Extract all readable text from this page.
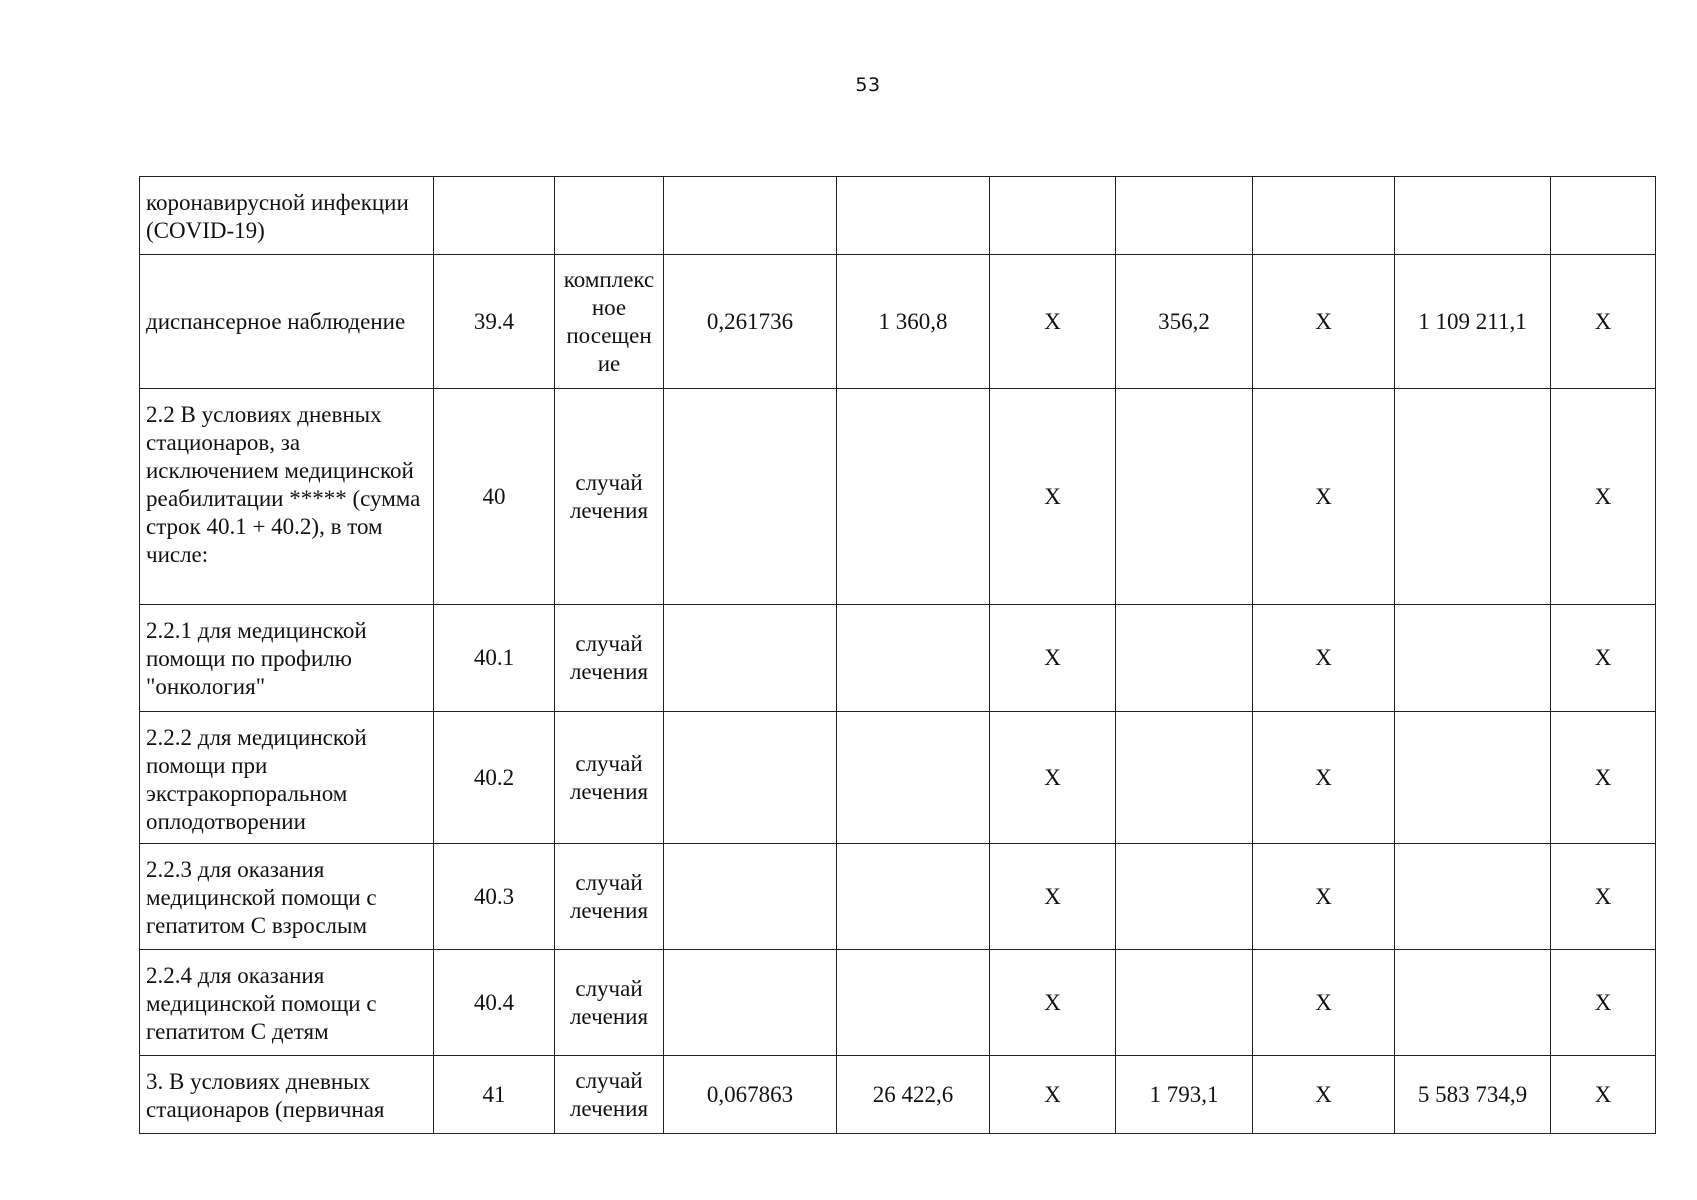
53
коронавирусной инфекции (COVID-19)									
диспансерное наблюдение	39.4	комплекс ное посещен ие	0,261736	1 360,8	X	356,2	X	1 109 211,1	X
2.2 В условиях дневных стационаров, за исключением медицинской реабилитации ***** (сумма строк 40.1 + 40.2), в том числе:	40	случай лечения			X		X		X
2.2.1 для медицинской помощи по профилю "онкология"	40.1	случай лечения			X		X		X
2.2.2 для медицинской помощи при экстракорпоральном оплодотворении	40.2	случай лечения			X		X		X
2.2.3 для оказания медицинской помощи с гепатитом С взрослым	40.3	случай лечения			X		X		X
2.2.4 для оказания медицинской помощи с гепатитом С детям	40.4	случай лечения			X		X		X
3. В условиях дневных стационаров (первичная	41	случай лечения	0,067863	26 422,6	X	1 793,1	X	5 583 734,9	X
